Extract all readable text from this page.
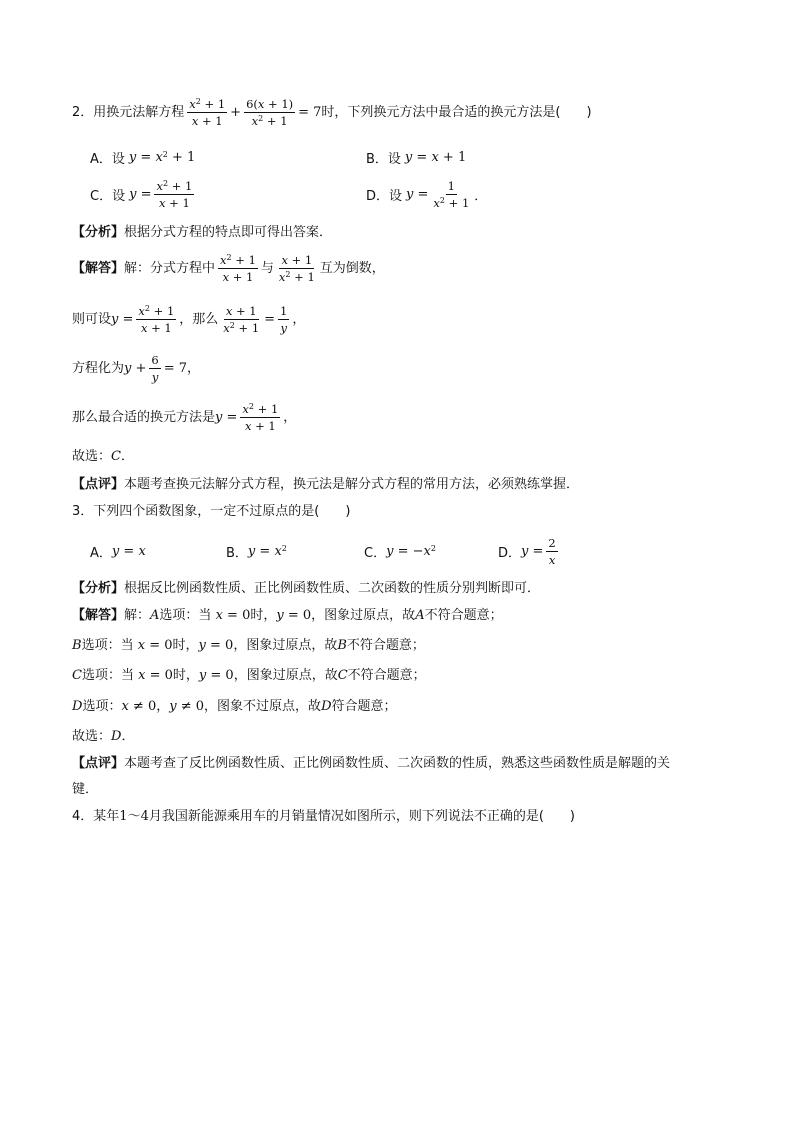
2． 用换元法解方程 $\frac{x^2 + 1}{x + 1} + \frac{6(x + 1)}{x^2 + 1} = 7$ 时，下列换元方法中最合适的换元方法是(　　)
A．设 $y = x^2 + 1$	B．设 y = x + 1
C．设 $y = \frac{x^2 + 1}{x + 1}$	D．设 $y = \frac{1}{x^2 + 1}$ ．
【分析】 根据分式方程的特点即可得出答案．
【解答】 解：分式方程中 $\frac{x^2 + 1}{x + 1}$ 与 $\frac{x + 1}{x^2 + 1}$ 互为倒数，
则可设 $y = \frac{x^2 + 1}{x + 1}$ ，那么 $\frac{x + 1}{x^2 + 1} = \frac{1}{y}$ ，
方程化为 $y + \frac{6}{y} = 7$ ，
那么最合适的换元方法是 $y = \frac{x^2 + 1}{x + 1}$ ，
故选： C ．
【点评】 本题考查换元法解分式方程，换元法是解分式方程的常用方法，必须熟练掌握．
3． 下列四个函数图象，一定不过原点的是(　　)
A． y = x	B． $y = x^2$	C． $y = -x^2$	D． $y = \frac{2}{x}$
【分析】 根据反比例函数性质、正比例函数性质、二次函数的性质分别判断即可．
【解答】 解： A 选项：当 x = 0 时， y = 0 ，图象过原点，故 A 不符合题意；
B 选项：当 x = 0 时， y = 0 ，图象过原点，故 B 不符合题意；
C 选项：当 x = 0 时， y = 0 ，图象过原点，故 C 不符合题意；
D 选项： x ≠ 0 ， y ≠ 0 ，图象不过原点，故 D 符合题意；
故选： D ．
【点评】 本题考查了反比例函数性质、正比例函数性质、二次函数的性质，熟悉这些函数性质是解题的关
键．
4． 某年 1～4 月我国新能源乘用车的月销量情况如图所示，则下列说法不正确的是(　　)
